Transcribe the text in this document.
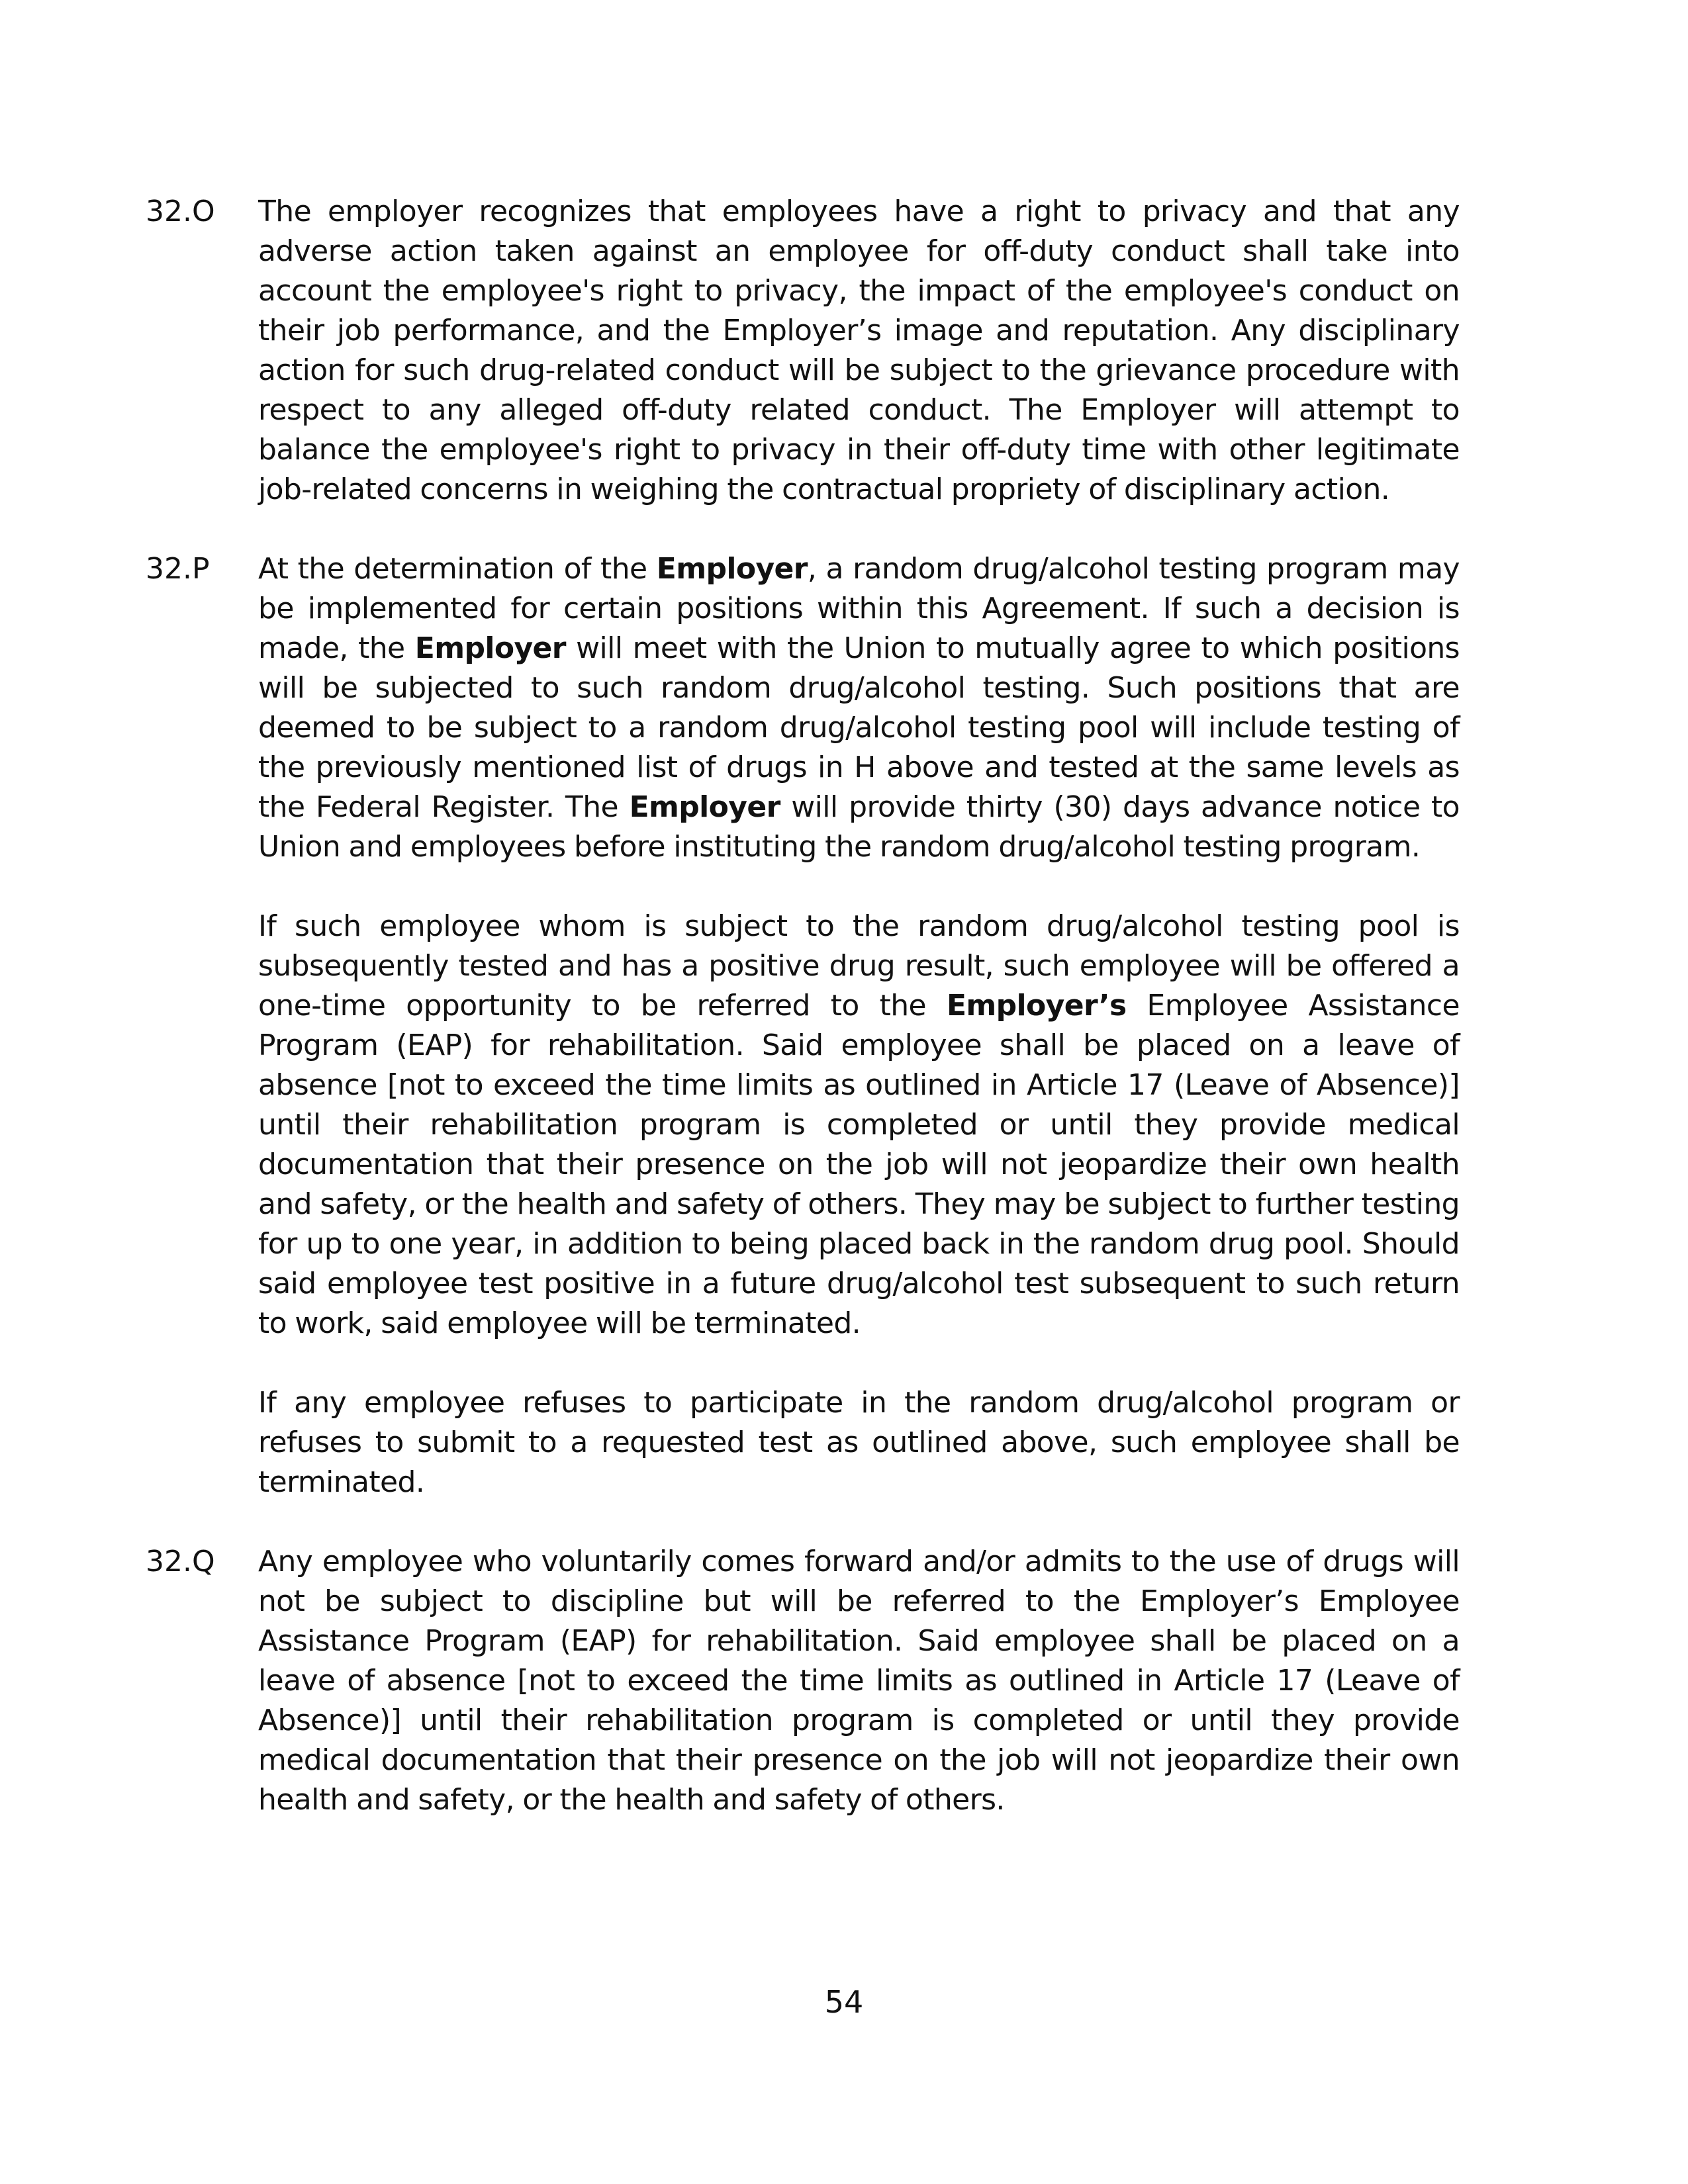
32.O The employer recognizes that employees have a right to privacy and that any adverse action taken against an employee for off-duty conduct shall take into account the employee's right to privacy, the impact of the employee's conduct on their job performance, and the Employer’s image and reputation. Any disciplinary action for such drug-related conduct will be subject to the grievance procedure with respect to any alleged off-duty related conduct. The Employer will attempt to balance the employee's right to privacy in their off-duty time with other legitimate job-related concerns in weighing the contractual propriety of disciplinary action.

32.P At the determination of the Employer, a random drug/alcohol testing program may be implemented for certain positions within this Agreement. If such a decision is made, the Employer will meet with the Union to mutually agree to which positions will be subjected to such random drug/alcohol testing. Such positions that are deemed to be subject to a random drug/alcohol testing pool will include testing of the previously mentioned list of drugs in H above and tested at the same levels as the Federal Register. The Employer will provide thirty (30) days advance notice to Union and employees before instituting the random drug/alcohol testing program.

If such employee whom is subject to the random drug/alcohol testing pool is subsequently tested and has a positive drug result, such employee will be offered a one-time opportunity to be referred to the Employer’s Employee Assistance Program (EAP) for rehabilitation. Said employee shall be placed on a leave of absence [not to exceed the time limits as outlined in Article 17 (Leave of Absence)] until their rehabilitation program is completed or until they provide medical documentation that their presence on the job will not jeopardize their own health and safety, or the health and safety of others. They may be subject to further testing for up to one year, in addition to being placed back in the random drug pool. Should said employee test positive in a future drug/alcohol test subsequent to such return to work, said employee will be terminated.

If any employee refuses to participate in the random drug/alcohol program or refuses to submit to a requested test as outlined above, such employee shall be terminated.

32.Q Any employee who voluntarily comes forward and/or admits to the use of drugs will not be subject to discipline but will be referred to the Employer’s Employee Assistance Program (EAP) for rehabilitation. Said employee shall be placed on a leave of absence [not to exceed the time limits as outlined in Article 17 (Leave of Absence)] until their rehabilitation program is completed or until they provide medical documentation that their presence on the job will not jeopardize their own health and safety, or the health and safety of others.

54
